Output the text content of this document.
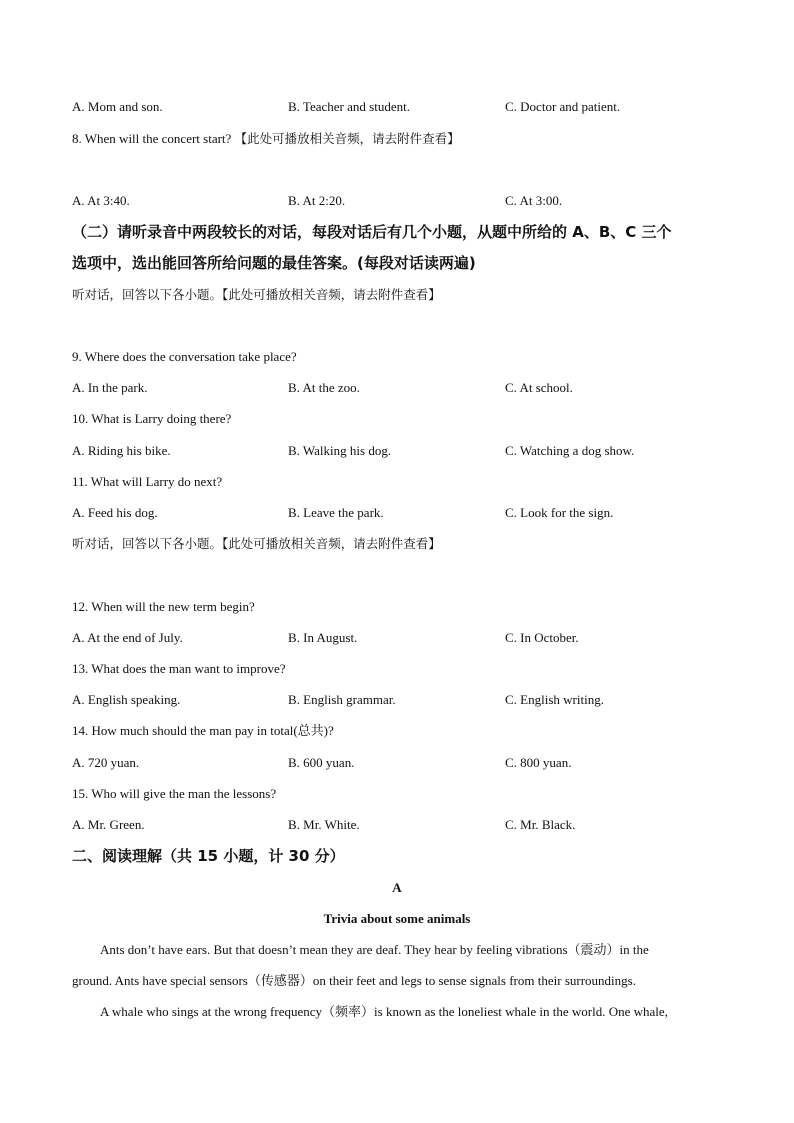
A. Mom and son.	B. Teacher and student.	C. Doctor and patient.
8. When will the concert start? 【此处可播放相关音频，请去附件查看】
A. At 3:40.	B. At 2:20.	C. At 3:00.
（二）请听录音中两段较长的对话，每段对话后有几个小题，从题中所给的 A、B、C 三个
选项中，选出能回答所给问题的最佳答案。(每段对话读两遍)
听对话，回答以下各小题。【此处可播放相关音频，请去附件查看】
9. Where does the conversation take place?
A. In the park.	B. At the zoo.	C. At school.
10. What is Larry doing there?
A. Riding his bike.	B. Walking his dog.	C. Watching a dog show.
11. What will Larry do next?
A. Feed his dog.	B. Leave the park.	C. Look for the sign.
听对话，回答以下各小题。【此处可播放相关音频，请去附件查看】
12. When will the new term begin?
A. At the end of July.	B. In August.	C. In October.
13. What does the man want to improve?
A. English speaking.	B. English grammar.	C. English writing.
14. How much should the man pay in total(总共)?
A. 720 yuan.	B. 600 yuan.	C. 800 yuan.
15. Who will give the man the lessons?
A. Mr. Green.	B. Mr. White.	C. Mr. Black.
二、阅读理解（共 15 小题，计 30 分）
A
Trivia about some animals
Ants don’t have ears. But that doesn’t mean they are deaf. They hear by feeling vibrations（震动）in the
ground. Ants have special sensors（传感器）on their feet and legs to sense signals from their surroundings.
A whale who sings at the wrong frequency（频率）is known as the loneliest whale in the world. One whale,
